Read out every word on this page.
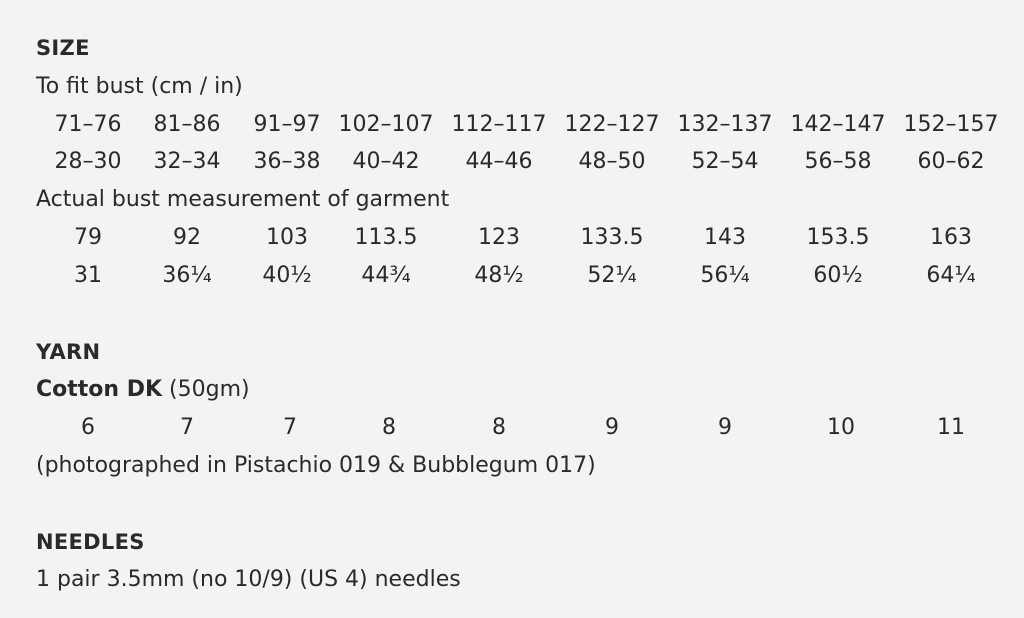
SIZE
To fit bust (cm / in)
71–76 81–86 91–97 102–107 112–117 122–127 132–137 142–147 152–157
28–30 32–34 36–38 40–42 44–46 48–50 52–54 56–58 60–62
Actual bust measurement of garment
79	92	103 113.5	123	133.5	143	153.5	163
31	36¼ 40½ 44¾	48½	52¼	56¼	60½	64¼
YARN
Cotton DK (50gm)
6	7	7	8	8	9	9	10	11
(photographed in Pistachio 019 & Bubblegum 017)
NEEDLES
1 pair 3.5mm (no 10/9) (US 4) needles
